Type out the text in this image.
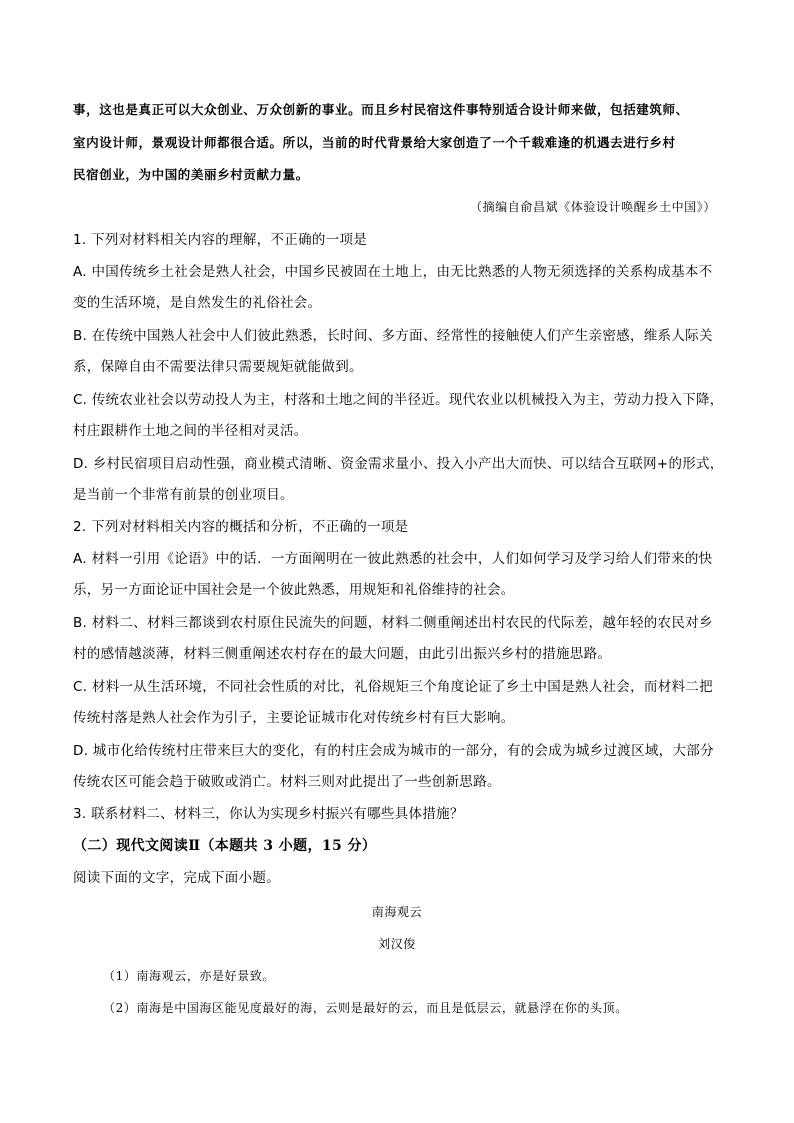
事，这也是真正可以大众创业、万众创新的事业。而且乡村民宿这件事特别适合设计师来做，包括建筑师、
室内设计师，景观设计师都很合适。所以，当前的时代背景给大家创造了一个千载难逢的机遇去进行乡村
民宿创业，为中国的美丽乡村贡献力量。
（摘编自俞昌斌《体验设计唤醒乡土中国》）
1. 下列对材料相关内容的理解，不正确的一项是
A. 中国传统乡土社会是熟人社会，中国乡民被固在土地上，由无比熟悉的人物无须选择的关系构成基本不
变的生活环境，是自然发生的礼俗社会。
B. 在传统中国熟人社会中人们彼此熟悉，长时间、多方面、经常性的接触使人们产生亲密感，维系人际关
系，保障自由不需要法律只需要规矩就能做到。
C. 传统农业社会以劳动投人为主，村落和土地之间的半径近。现代农业以机械投入为主，劳动力投入下降，
村庄跟耕作土地之间的半径相对灵活。
D. 乡村民宿项目启动性强，商业模式清晰、资金需求量小、投入小产出大而快、可以结合互联网+的形式，
是当前一个非常有前景的创业项目。
2. 下列对材料相关内容的概括和分析，不正确的一项是
A. 材料一引用《论语》中的话．一方面阐明在一彼此熟悉的社会中，人们如何学习及学习给人们带来的快
乐，另一方面论证中国社会是一个彼此熟悉，用规矩和礼俗维持的社会。
B. 材料二、材料三都谈到农村原住民流失的问题，材料二侧重阐述出村农民的代际差，越年轻的农民对乡
村的感情越淡薄，材料三侧重阐述农村存在的最大问题，由此引出振兴乡村的措施思路。
C. 材料一从生活环境，不同社会性质的对比，礼俗规矩三个角度论证了乡土中国是熟人社会，而材料二把
传统村落是熟人社会作为引子，主要论证城市化对传统乡村有巨大影响。
D. 城市化给传统村庄带来巨大的变化，有的村庄会成为城市的一部分，有的会成为城乡过渡区域，大部分
传统农区可能会趋于破败或消亡。材料三则对此提出了一些创新思路。
3. 联系材料二、材料三，你认为实现乡村振兴有哪些具体措施？
（二）现代文阅读Ⅱ（本题共 3 小题，15 分）
阅读下面的文字，完成下面小题。
南海观云
刘汉俊
（1）南海观云，亦是好景致。
（2）南海是中国海区能见度最好的海，云则是最好的云，而且是低层云，就悬浮在你的头顶。
